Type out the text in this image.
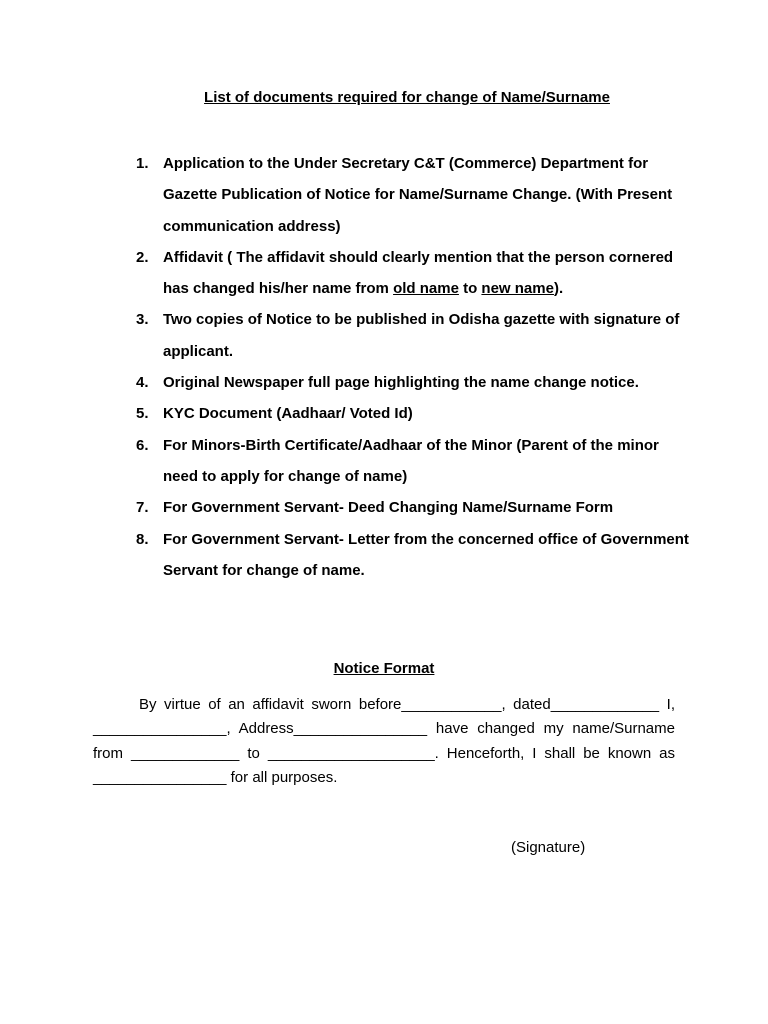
List of documents required for change of Name/Surname
1. Application to the Under Secretary C&T (Commerce) Department for Gazette Publication of Notice for Name/Surname Change. (With Present communication address)
2. Affidavit ( The affidavit should clearly mention that the person cornered has changed his/her name from old name to new name).
3. Two copies of Notice to be published in Odisha gazette with signature of applicant.
4. Original Newspaper full page highlighting the name change notice.
5. KYC Document (Aadhaar/ Voted Id)
6. For Minors-Birth Certificate/Aadhaar of the Minor (Parent of the minor need to apply for change of name)
7. For Government Servant- Deed Changing Name/Surname Form
8. For Government Servant- Letter from the concerned office of Government Servant for change of name.
Notice Format
By virtue of an affidavit sworn before____________, dated_____________ I, ________________, Address________________ have changed my name/Surname from _____________ to ____________________. Henceforth, I shall be known as ________________ for all purposes.
(Signature)
